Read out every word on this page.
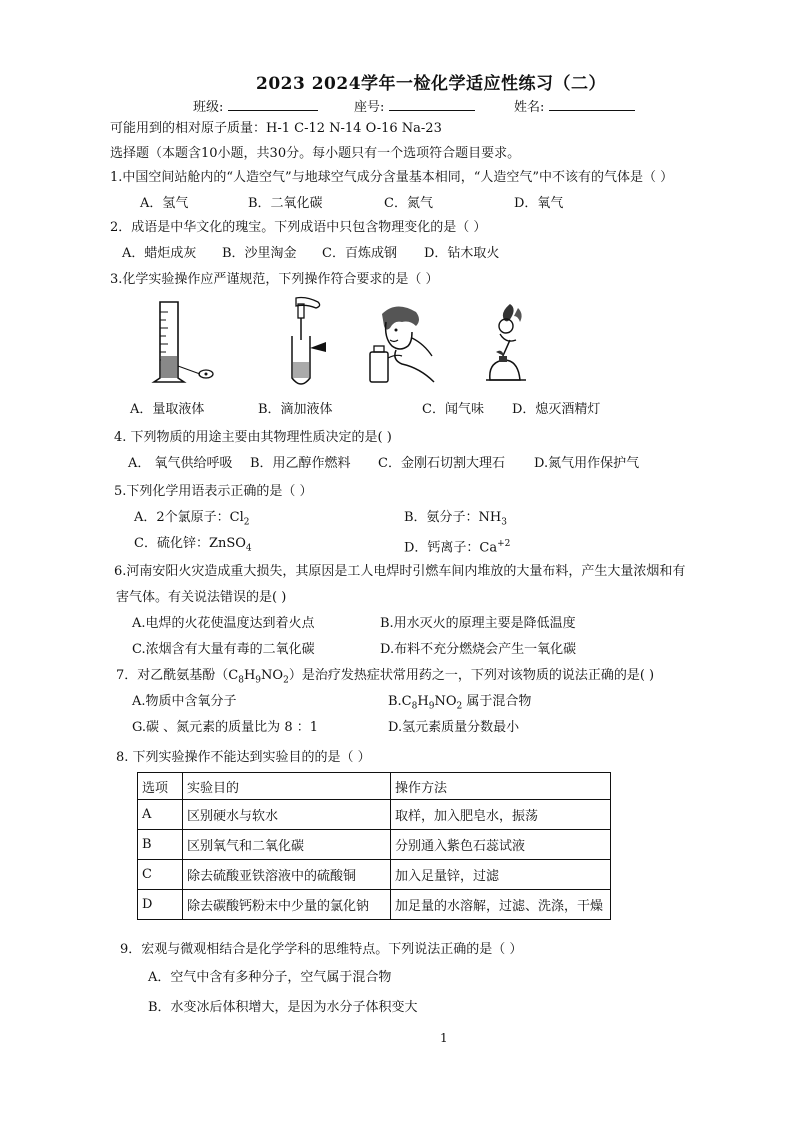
2023 2024学年一检化学适应性练习（二）
班级:	座号:	姓名:
可能用到的相对原子质量：H-1 C-12 N-14 O-16 Na-23
选择题（本题含10小题，共30分。每小题只有一个选项符合题目要求。
1.中国空间站舱内的“人造空气”与地球空气成分含量基本相同，“人造空气”中不该有的气体是（ ）
A．氢气	B．二氧化碳	C．氮气	D．氧气
2．成语是中华文化的瑰宝。下列成语中只包含物理变化的是（ ）
A．蜡炬成灰 B．沙里淘金 C．百炼成钢 D．钻木取火
3.化学实验操作应严谨规范，下列操作符合要求的是（ ）
A．量取液体	B．滴加液体	C．闻气味 D．熄灭酒精灯
4. 下列物质的用途主要由其物理性质决定的是( )
A． 氧气供给呼吸 B．用乙醇作燃料 C．金刚石切割大理石 D.氮气用作保护气
5.下列化学用语表示正确的是（ ）
A．2个氯原子：$Cl_2$	B．氨分子：$NH_3$
C．硫化锌：ZnSO$_4$	D．钙离子：$Ca^{+2}$
6.河南安阳火灾造成重大损失，其原因是工人电焊时引燃车间内堆放的大量布料，产生大量浓烟和有
害气体。有关说法错误的是( )
A.电焊的火花使温度达到着火点	B.用水灭火的原理主要是降低温度
C.浓烟含有大量有毒的二氧化碳	D.布料不充分燃烧会产生一氧化碳
7．对乙酰氨基酚$(C_8H_9NO_2)$是治疗发热症状常用药之一，下列对该物质的说法正确的是( )
A.物质中含氧分子	$B.C_8H_9NO_2$ 属于混合物
G.碳 、氮元素的质量比为 8 ：1	D.氢元素质量分数最小
8. 下列实验操作不能达到实验目的的是（ ）
选项	实验目的	操作方法
A	区别硬水与软水	取样，加入肥皂水，振荡
B	区别氧气和二氧化碳	分别通入紫色石蕊试液
C	除去硫酸亚铁溶液中的硫酸铜	加入足量锌，过滤
D	除去碳酸钙粉末中少量的氯化钠	加足量的水溶解，过滤、洗涤，干燥
9．宏观与微观相结合是化学学科的思维特点。下列说法正确的是（ ）
A．空气中含有多种分子，空气属于混合物
B．水变冰后体积增大，是因为水分子体积变大
1
